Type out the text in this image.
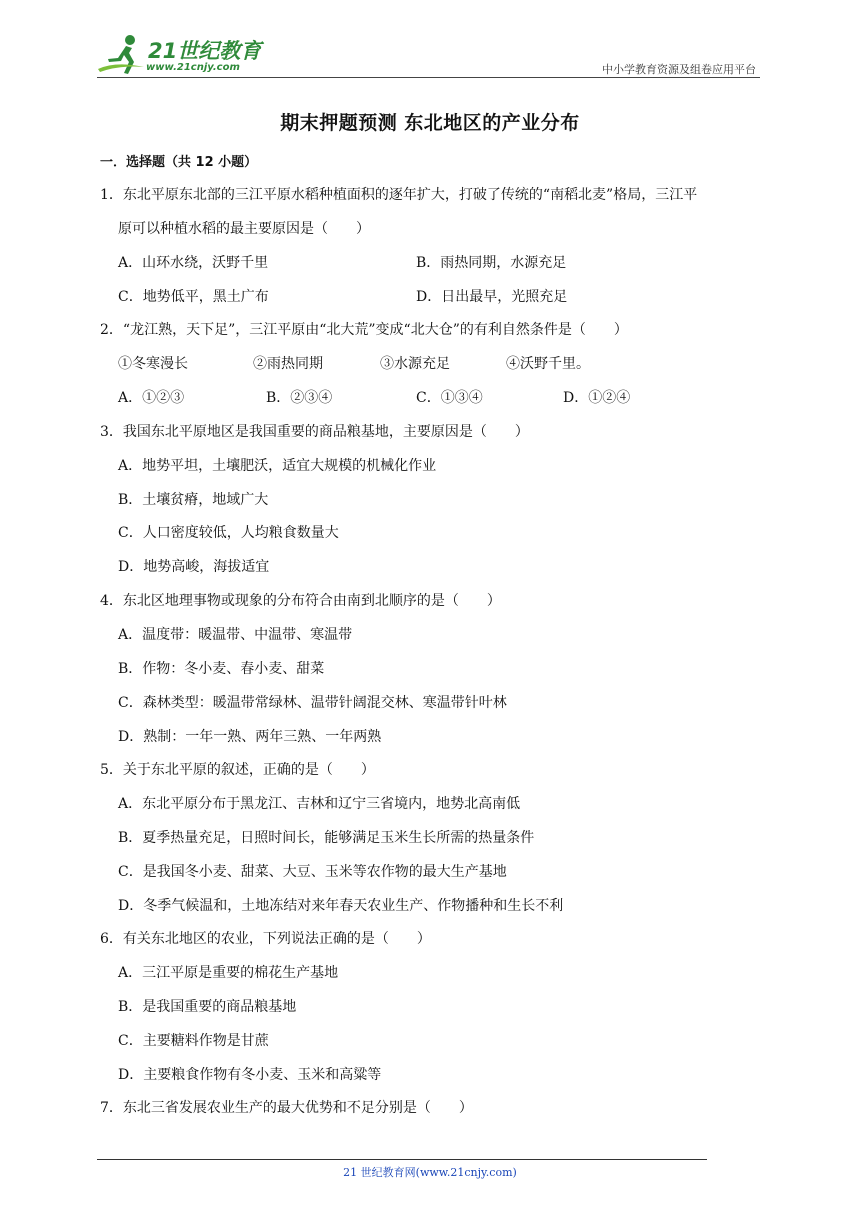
21世纪教育
www.21cnjy.com	中小学教育资源及组卷应用平台
期末押题预测 东北地区的产业分布
一．选择题（共 12 小题）
1．东北平原东北部的三江平原水稻种植面积的逐年扩大，打破了传统的“南稻北麦”格局，三江平
原可以种植水稻的最主要原因是（　　）
A．山环水绕，沃野千里	B．雨热同期，水源充足
C．地势低平，黑土广布	D．日出最早，光照充足
2．“龙江熟，天下足”，三江平原由“北大荒”变成“北大仓”的有利自然条件是（　　）
①冬寒漫长	②雨热同期	③水源充足	④沃野千里。
A．①②③	B．②③④	C．①③④	D．①②④
3．我国东北平原地区是我国重要的商品粮基地，主要原因是（　　）
A．地势平坦，土壤肥沃，适宜大规模的机械化作业
B．土壤贫瘠，地域广大
C．人口密度较低，人均粮食数量大
D．地势高峻，海拔适宜
4．东北区地理事物或现象的分布符合由南到北顺序的是（　　）
A．温度带：暖温带、中温带、寒温带
B．作物：冬小麦、春小麦、甜菜
C．森林类型：暖温带常绿林、温带针阔混交林、寒温带针叶林
D．熟制：一年一熟、两年三熟、一年两熟
5．关于东北平原的叙述，正确的是（　　）
A．东北平原分布于黑龙江、吉林和辽宁三省境内，地势北高南低
B．夏季热量充足，日照时间长，能够满足玉米生长所需的热量条件
C．是我国冬小麦、甜菜、大豆、玉米等农作物的最大生产基地
D．冬季气候温和，土地冻结对来年春天农业生产、作物播种和生长不利
6．有关东北地区的农业，下列说法正确的是（　　）
A．三江平原是重要的棉花生产基地
B．是我国重要的商品粮基地
C．主要糖料作物是甘蔗
D．主要粮食作物有冬小麦、玉米和高粱等
7．东北三省发展农业生产的最大优势和不足分别是（　　）
21 世纪教育网(www.21cnjy.com)
